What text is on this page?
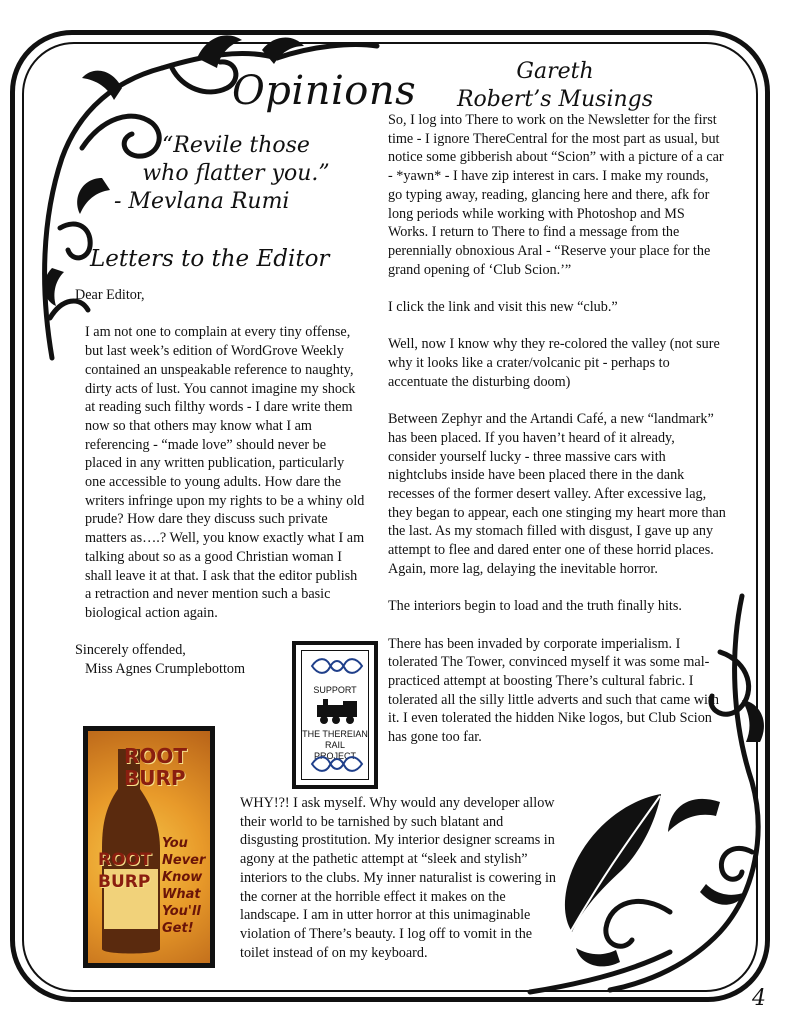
Opinions	Gareth
Robert’s Musings
“Revile those
who flatter you.”
- Mevlana Rumi
Letters to the Editor

Dear Editor,

I am not one to complain at every tiny offense, but last week’s edition of WordGrove Weekly contained an unspeakable reference to naughty, dirty acts of lust. You cannot imagine my shock at reading such filthy words - I dare write them now so that others may know what I am referencing - “made love” should never be placed in any written publication, particularly one accessible to young adults. How dare the writers infringe upon my rights to be a whiny old prude? How dare they discuss such private matters as….? Well, you know exactly what I am talking about so as a good Christian woman I shall leave it at that. I ask that the editor publish a retraction and never mention such a basic biological action again.

Sincerely offended,

Miss Agnes Crumplebottom

So, I log into There to work on the Newsletter for the first time - I ignore ThereCentral for the most part as usual, but notice some gibberish about “Scion” with a picture of a car - *yawn* - I have zip interest in cars. I make my rounds, go typing away, reading, glancing here and there, afk for long periods while working with Photoshop and MS Works. I return to There to find a message from the perennially obnoxious Aral - “Reserve your place for the grand opening of ‘Club Scion.’”

I click the link and visit this new “club.”

Well, now I know why they re-colored the valley (not sure why it looks like a crater/volcanic pit - perhaps to accentuate the disturbing doom)

Between Zephyr and the Artandi Café, a new “landmark” has been placed. If you haven’t heard of it already, consider yourself lucky - three massive cars with nightclubs inside have been placed there in the dank recesses of the former desert valley. After excessive lag, they began to appear, each one stinging my heart more than the last. As my stomach filled with disgust, I gave up any attempt to flee and dared enter one of these horrid places. Again, more lag, delaying the inevitable horror.

The interiors begin to load and the truth finally hits.

There has been invaded by corporate imperialism. I tolerated The Tower, convinced myself it was some mal-practiced attempt at boosting There’s cultural fabric. I tolerated all the silly little adverts and such that came with it. I even tolerated the hidden Nike logos, but Club Scion has gone too far.

WHY!?! I ask myself. Why would any developer allow their world to be tarnished by such blatant and disgusting prostitution. My interior designer screams in agony at the pathetic attempt at “sleek and stylish” interiors to the clubs. My inner naturalist is cowering in the corner at the horrible effect it makes on the landscape. I am in utter horror at this unimaginable violation of There’s beauty. I log off to vomit in the toilet instead of on my keyboard.

SUPPORT
THE THEREIAN
RAIL
PROJECT
ROOT
BURP
ROOT
BURP
You
Never
Know
What
You'll
Get!
4
